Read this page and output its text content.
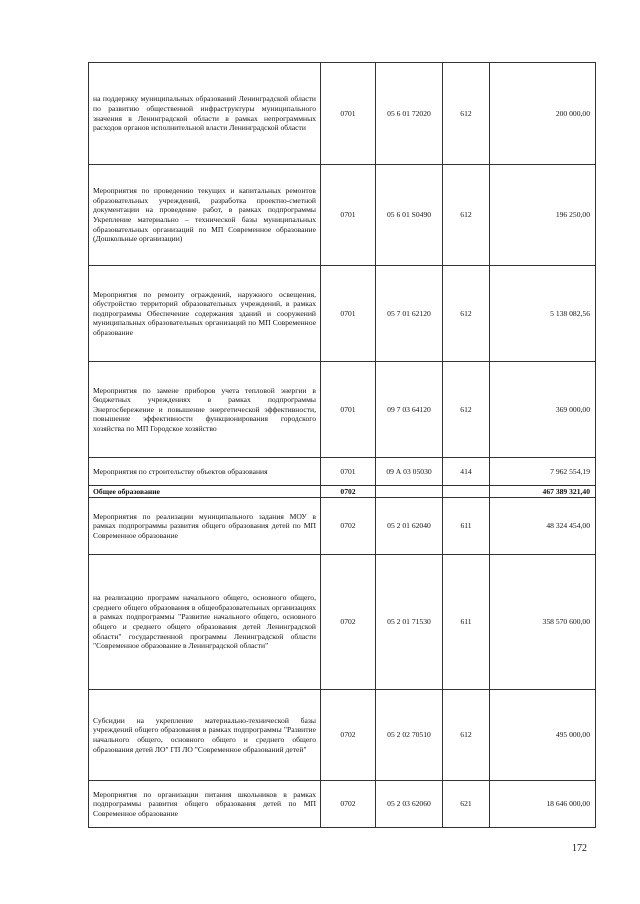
на поддержку муниципальных образований Ленинградской области по развитию общественной инфраструктуры муниципального значения в Ленинградской области в рамках непрограммных расходов органов исполнительной власти Ленинградской области	0701	05 6 01 72020	612	200 000,00
Мероприятия по проведению текущих и капитальных ремонтов образовательных учреждений, разработка проектно-сметной документации на проведение работ, в рамках подпрограммы Укрепление материально – технической базы муниципальных образовательных организаций по МП Современное образование (Дошкольные организации)	0701	05 6 01 S0490	612	196 250,00
Мероприятия по ремонту ограждений, наружного освещения, обустройство территорий образовательных учреждений, в рамках подпрограммы Обеспечение содержания зданий и сооружений муниципальных образовательных организаций по МП Современное образование	0701	05 7 01 62120	612	5 138 082,56
Мероприятия по замене приборов учета тепловой энергии в бюджетных учреждениях в рамках подпрограммы Энергосбережение и повышение энергетической эффективности, повышение эффективности функционирования городского хозяйства по МП Городское хозяйство	0701	09 7 03 64120	612	369 000,00
Мероприятия по строительству объектов образования	0701	09 А 03 05030	414	7 962 554,19
Общее образование	0702			467 389 321,40
Мероприятия по реализации муниципального задания МОУ в рамках подпрограммы развития общего образования детей по МП Современное образование	0702	05 2 01 62040	611	48 324 454,00
на реализацию программ начального общего, основного общего, среднего общего образования в общеобразовательных организациях в рамках подпрограммы "Развитие начального общего, основного общего и среднего общего образования детей Ленинградской области" государственной программы Ленинградской области "Современное образование в Ленинградской области"	0702	05 2 01 71530	611	358 570 600,00
Субсидии на укрепление материально-технической базы учреждений общего образования в рамках подпрограммы "Развитие начального общего, основного общего и среднего общего образования детей ЛО" ГП ЛО "Современное образований детей"	0702	05 2 02 70510	612	495 000,00
Мероприятия по организации питания школьников в рамках подпрограммы развития общего образования детей по МП Современное образование	0702	05 2 03 62060	621	18 646 000,00
172
